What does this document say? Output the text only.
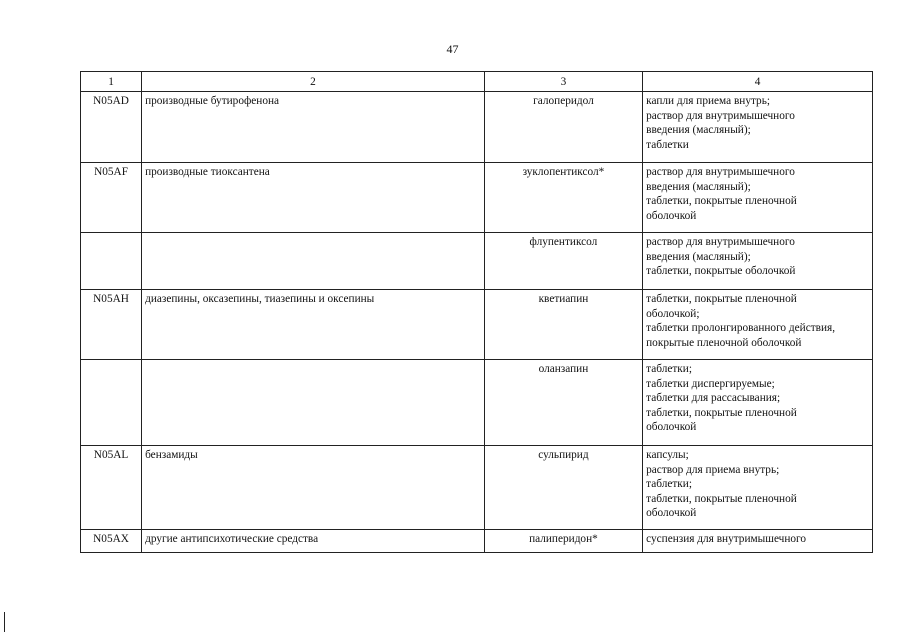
47
1	2	3	4
N05AD	производные бутирофенона	галоперидол	капли для приема внутрь;
раствор для внутримышечного
введения (масляный);
таблетки

N05AF	производные тиоксантена	зуклопентиксол*	раствор для внутримышечного
введения (масляный);
таблетки, покрытые пленочной
оболочкой

		флупентиксол	раствор для внутримышечного
введения (масляный);
таблетки, покрытые оболочкой

N05AH	диазепины, оксазепины, тиазепины и оксепины	кветиапин	таблетки, покрытые пленочной
оболочкой;
таблетки пролонгированного действия,
покрытые пленочной оболочкой

		оланзапин	таблетки;
таблетки диспергируемые;
таблетки для рассасывания;
таблетки, покрытые пленочной
оболочкой

N05AL	бензамиды	сульпирид	капсулы;
раствор для приема внутрь;
таблетки;
таблетки, покрытые пленочной
оболочкой

N05AX	другие антипсихотические средства	палиперидон*	суспензия для внутримышечного
